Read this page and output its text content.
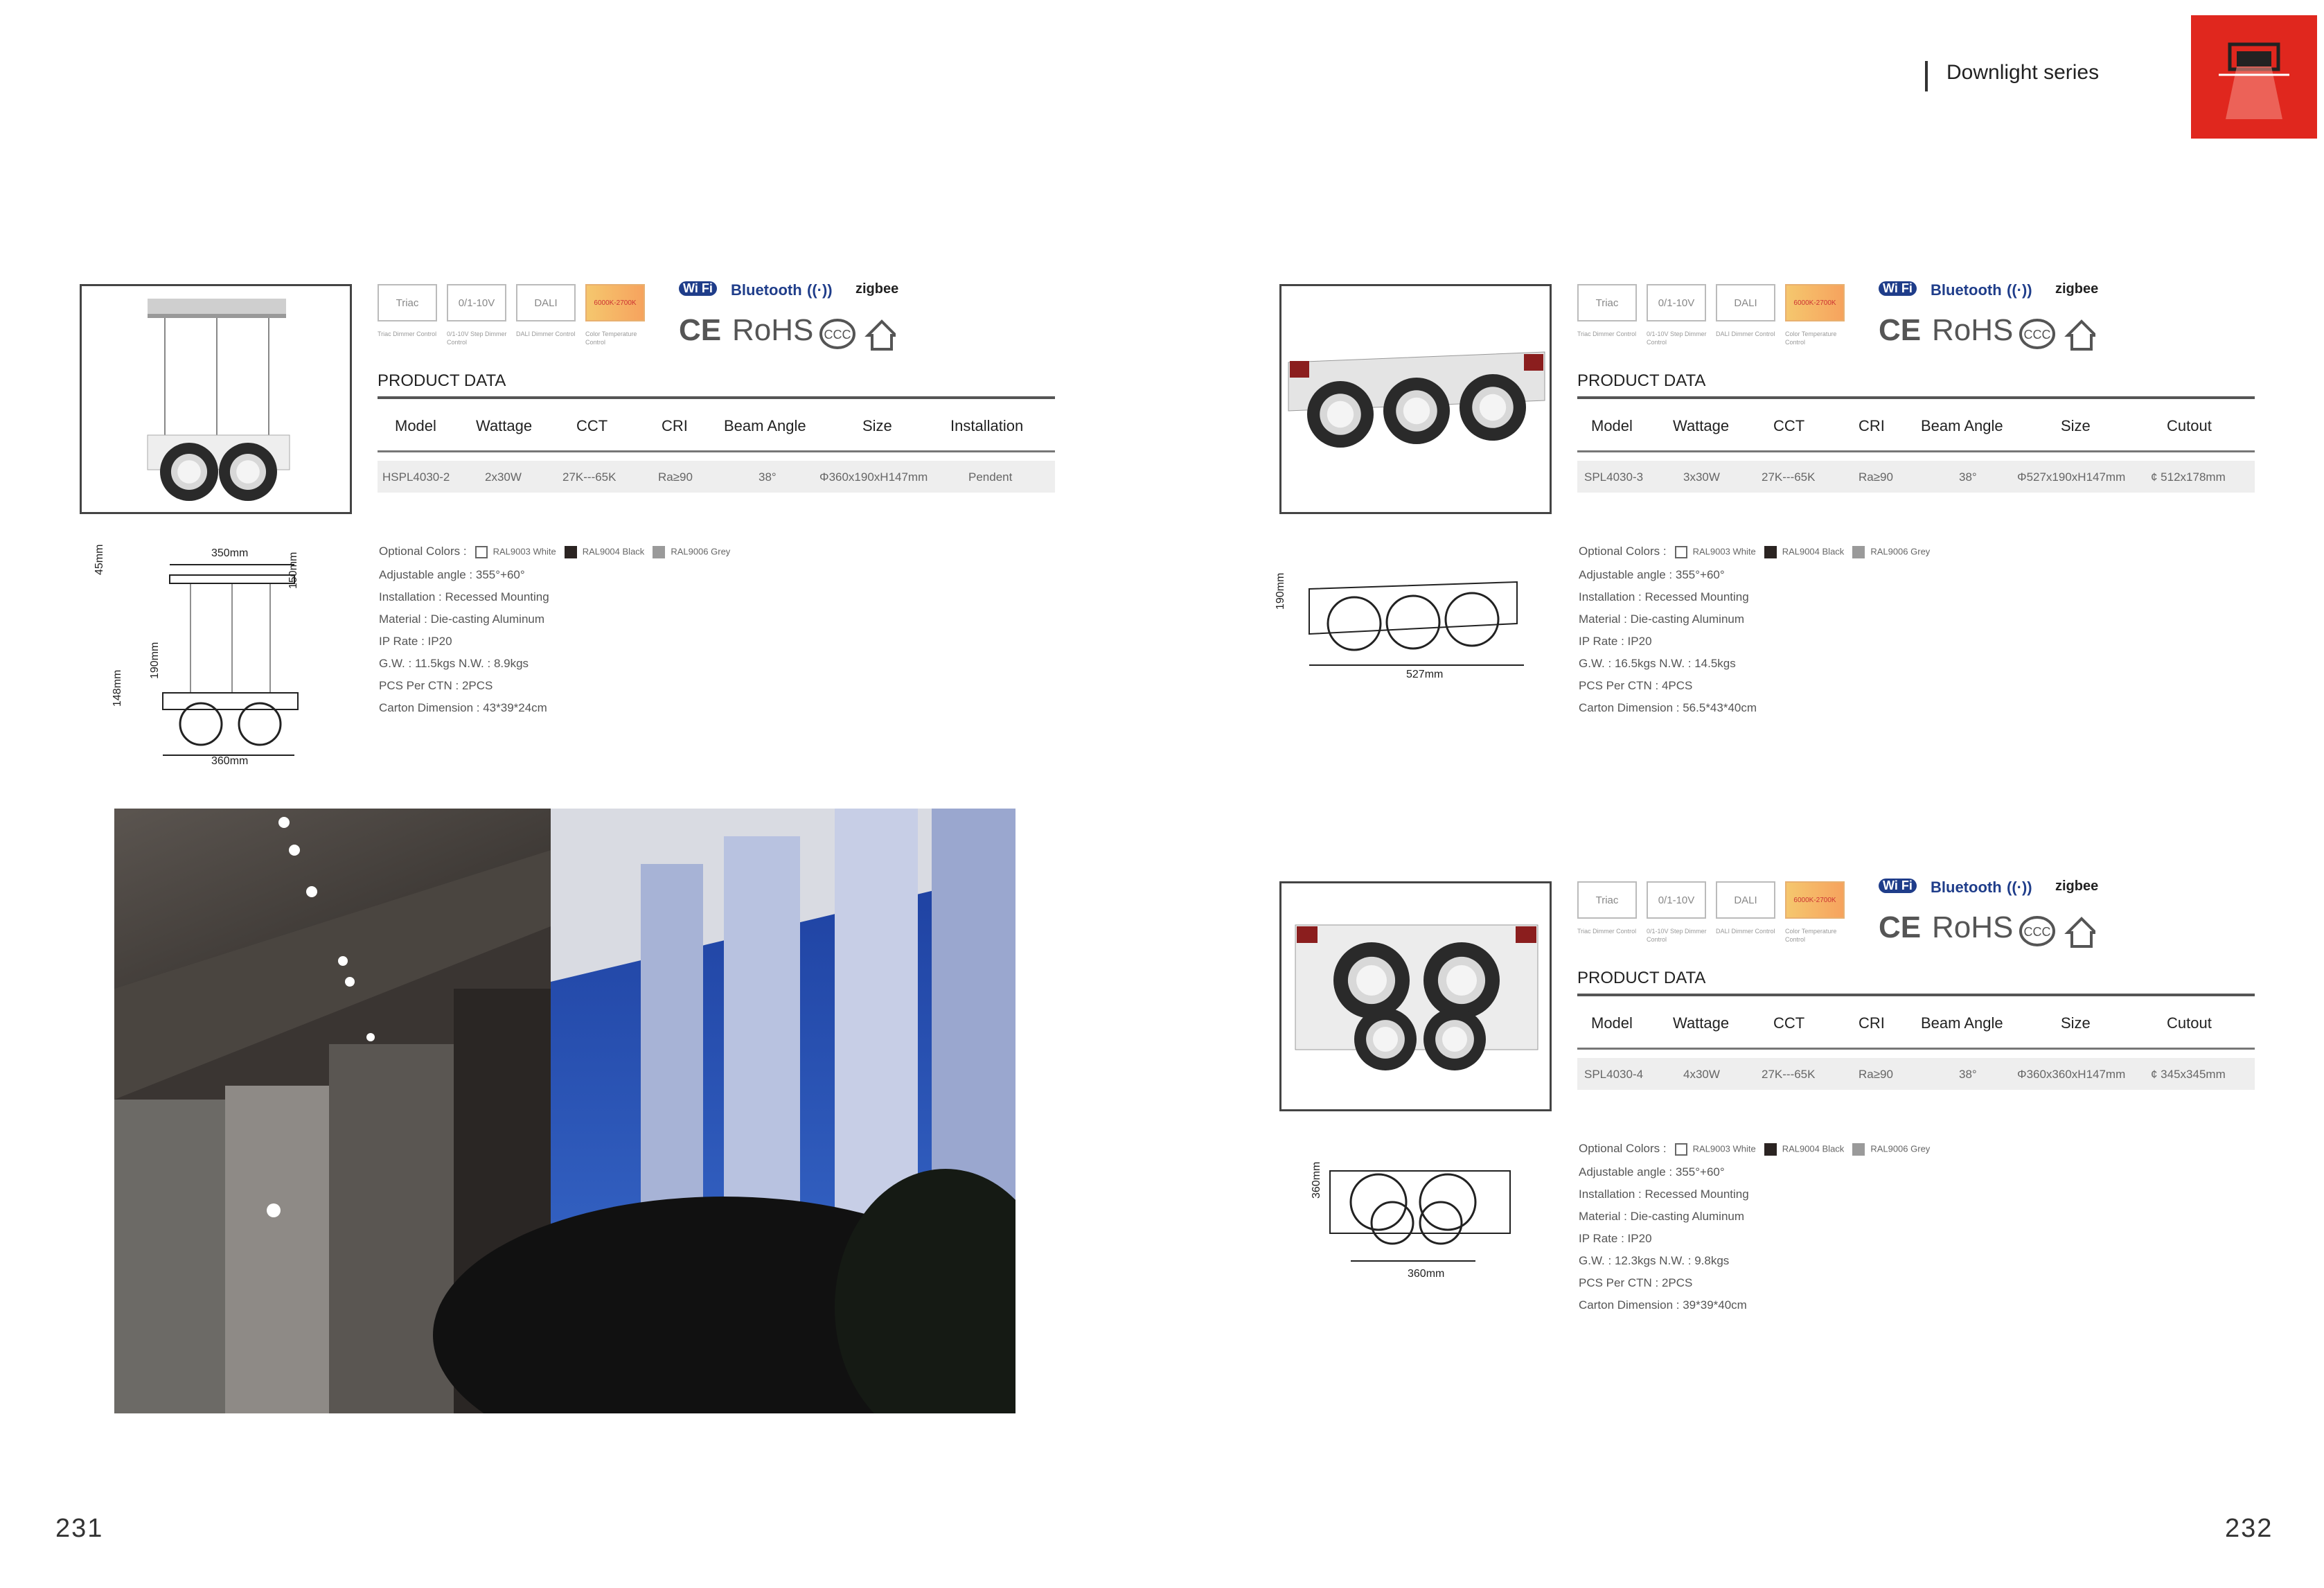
Downlight series
Triac
Triac Dimmer Control
0/1-10V
0/1-10V Step Dimmer Control
DALI
DALI Dimmer Control
6000K-2700K
Color Temperature Control
Wi Fi Bluetooth ((·)) zigbee
CE RoHS CCC
PRODUCT DATA
Model	Wattage	CCT	CRI Beam Angle	Size	Installation
HSPL4030-2	2x30W	27K---65K	Ra≥90	38°	Φ360x190xH147mm	Pendent
Optional Colors :	RAL9003 White	RAL9004 Black	RAL9006 Grey
Adjustable angle : 355°+60°
Installation : Recessed Mounting
Material : Die-casting Aluminum
IP Rate : IP20
G.W. : 11.5kgs N.W. : 8.9kgs
PCS Per CTN : 2PCS
Carton Dimension : 43*39*24cm
350mm
45mm	150mm
148mm
190mm
360mm
Triac
Triac Dimmer Control
0/1-10V
0/1-10V Step Dimmer Control
DALI
DALI Dimmer Control
6000K-2700K
Color Temperature Control
Wi Fi Bluetooth ((·)) zigbee
CE RoHS CCC
PRODUCT DATA
Model	Wattage	CCT	CRI Beam Angle	Size	Cutout
SPL4030-3	3x30W	27K---65K	Ra≥90	38°	Φ527x190xH147mm ¢ 512x178mm
Optional Colors :	RAL9003 White	RAL9004 Black	RAL9006 Grey
Adjustable angle : 355°+60°
Installation : Recessed Mounting
Material : Die-casting Aluminum
IP Rate : IP20
G.W. : 16.5kgs N.W. : 14.5kgs
PCS Per CTN : 4PCS
Carton Dimension : 56.5*43*40cm
190mm
527mm
Triac
Triac Dimmer Control
0/1-10V
0/1-10V Step Dimmer Control
DALI
DALI Dimmer Control
6000K-2700K
Color Temperature Control
Wi Fi Bluetooth ((·)) zigbee
CE RoHS CCC
PRODUCT DATA
Model	Wattage	CCT	CRI Beam Angle	Size	Cutout
SPL4030-4	4x30W	27K---65K	Ra≥90	38°	Φ360x360xH147mm ¢ 345x345mm
Optional Colors :	RAL9003 White	RAL9004 Black	RAL9006 Grey
Adjustable angle : 355°+60°
Installation : Recessed Mounting
Material : Die-casting Aluminum
IP Rate : IP20
G.W. : 12.3kgs N.W. : 9.8kgs
PCS Per CTN : 2PCS
Carton Dimension : 39*39*40cm
360mm
360mm
231	232
